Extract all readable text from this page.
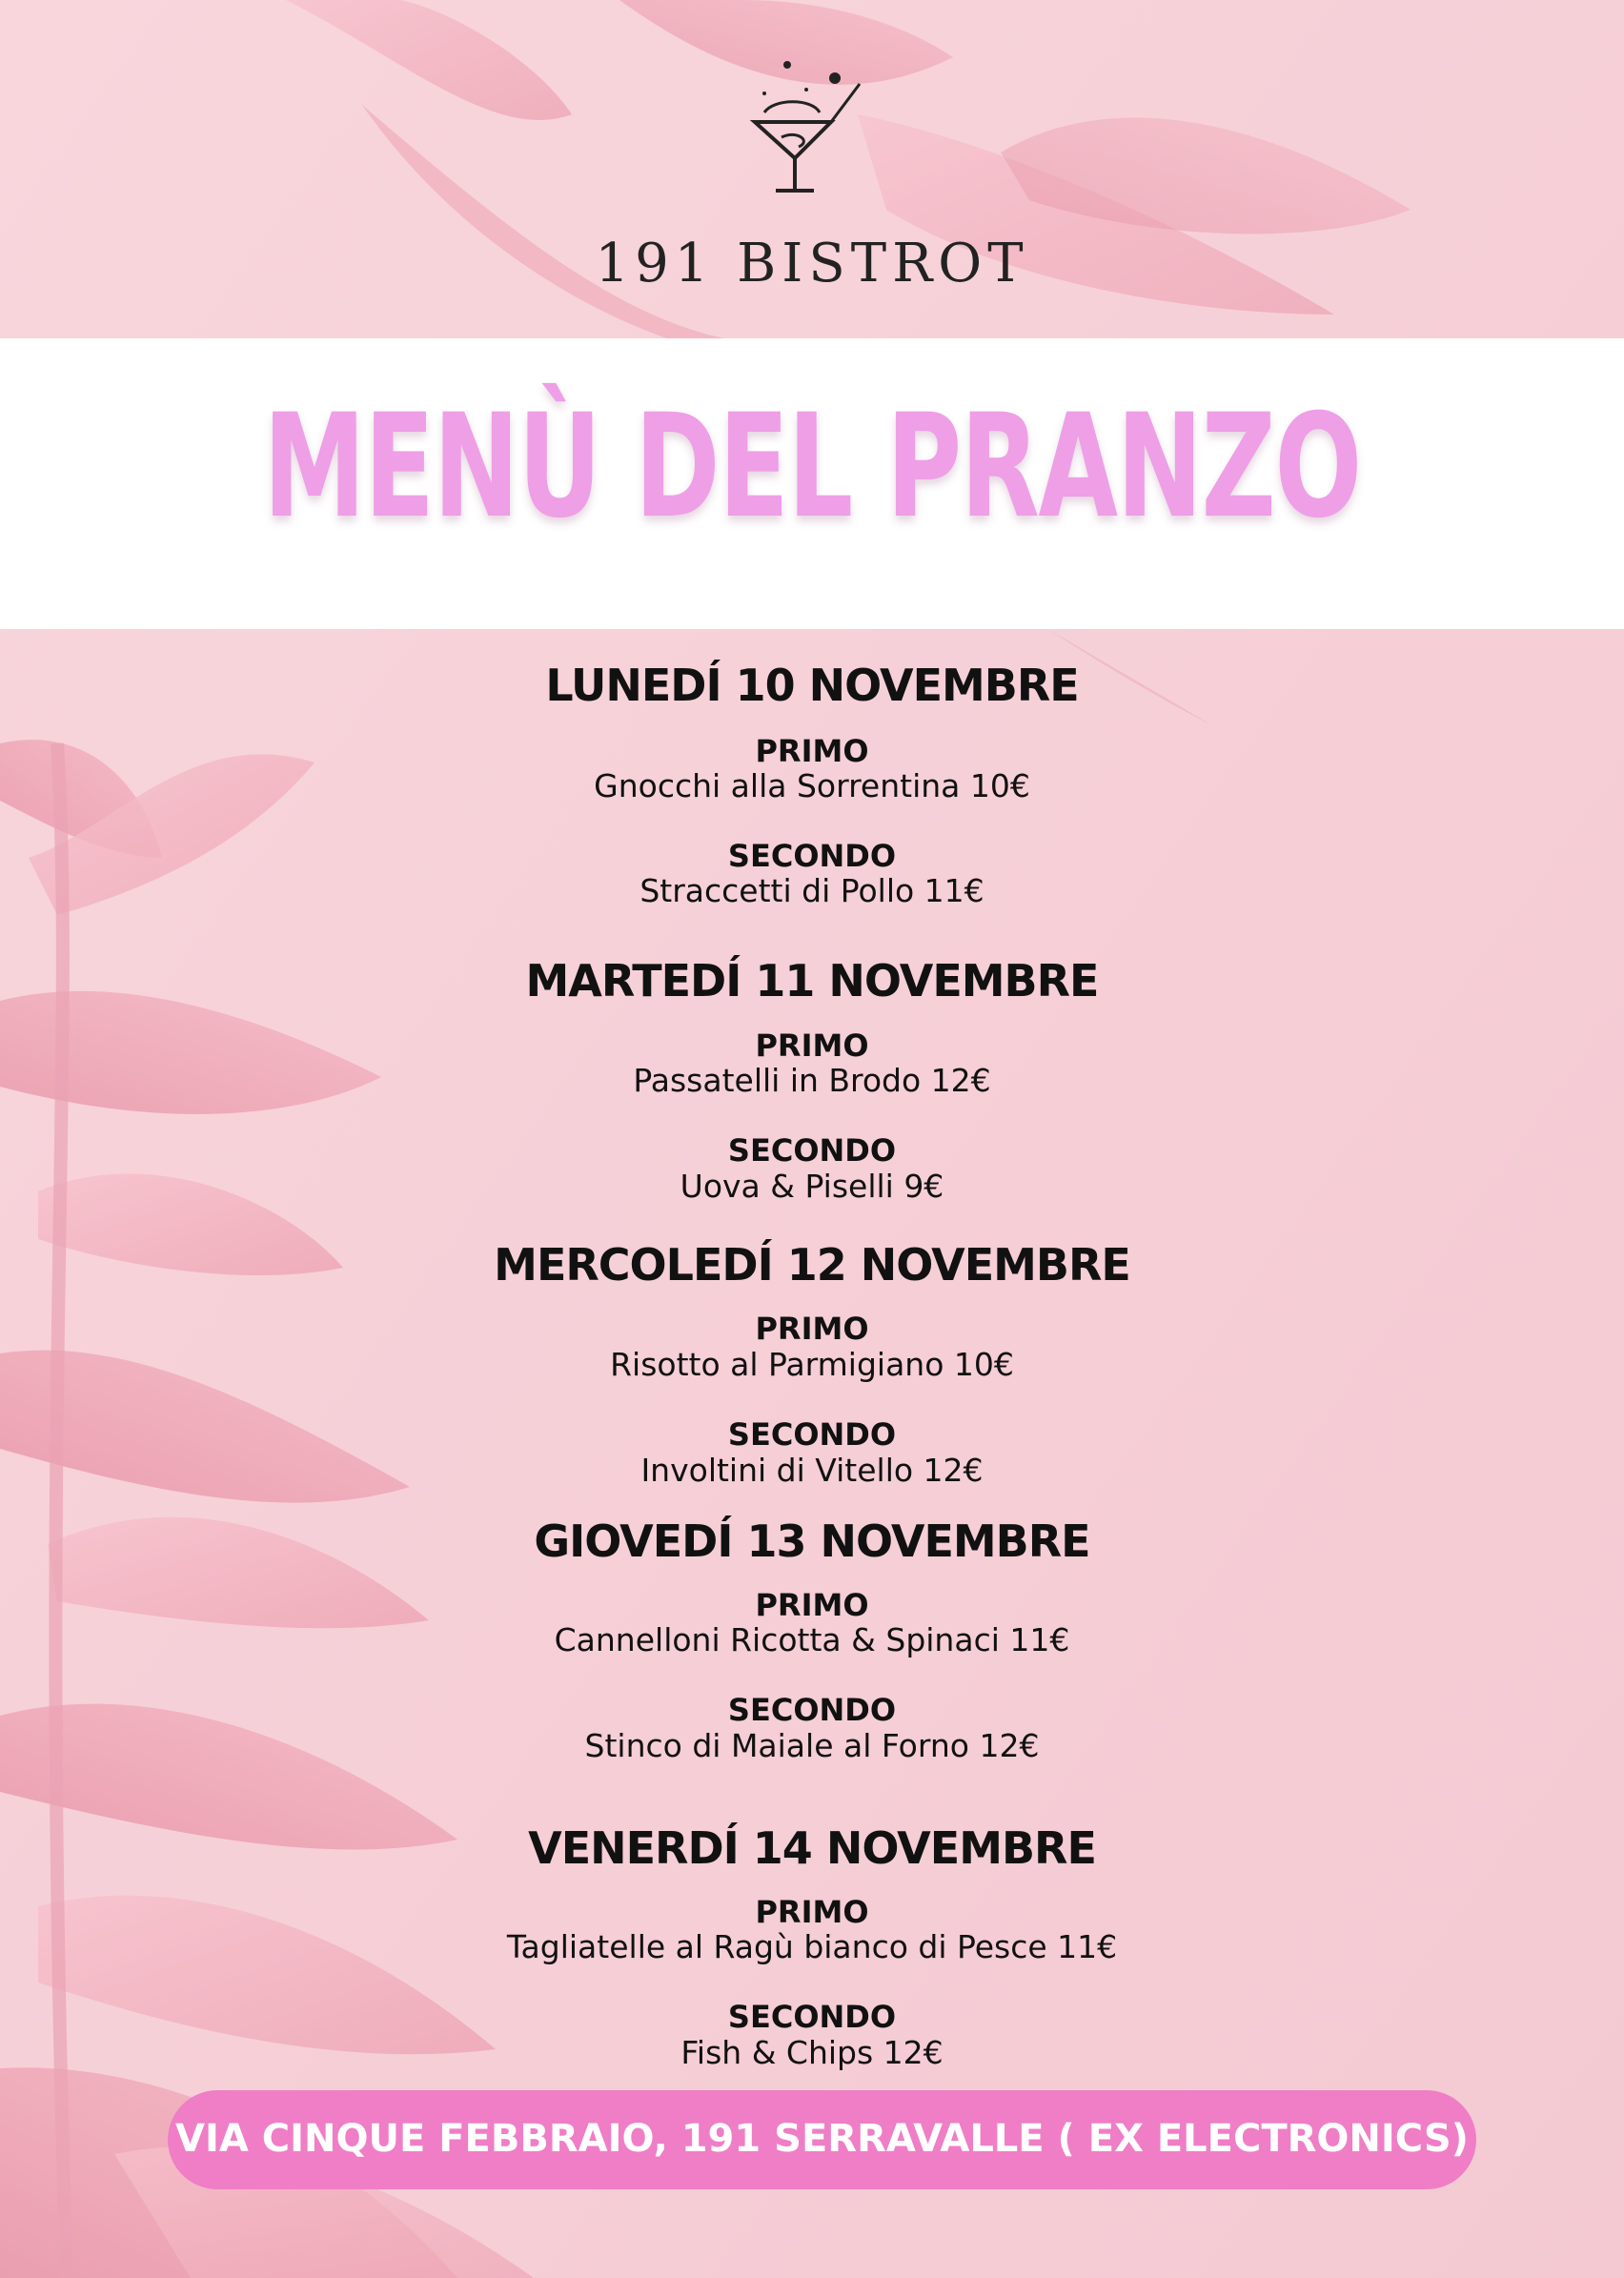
191 BISTROT
MENÙ DEL PRANZO
LUNEDÍ 10 NOVEMBRE
PRIMO
Gnocchi alla Sorrentina 10€
SECONDO
Straccetti di Pollo 11€
MARTEDÍ 11 NOVEMBRE
PRIMO
Passatelli in Brodo 12€
SECONDO
Uova & Piselli 9€
MERCOLEDÍ 12 NOVEMBRE
PRIMO
Risotto al Parmigiano 10€
SECONDO
Involtini di Vitello 12€
GIOVEDÍ 13 NOVEMBRE
PRIMO
Cannelloni Ricotta & Spinaci 11€
SECONDO
Stinco di Maiale al Forno 12€
VENERDÍ 14 NOVEMBRE
PRIMO
Tagliatelle al Ragù bianco di Pesce 11€
SECONDO
Fish & Chips 12€
VIA CINQUE FEBBRAIO, 191 SERRAVALLE ( EX ELECTRONICS)
